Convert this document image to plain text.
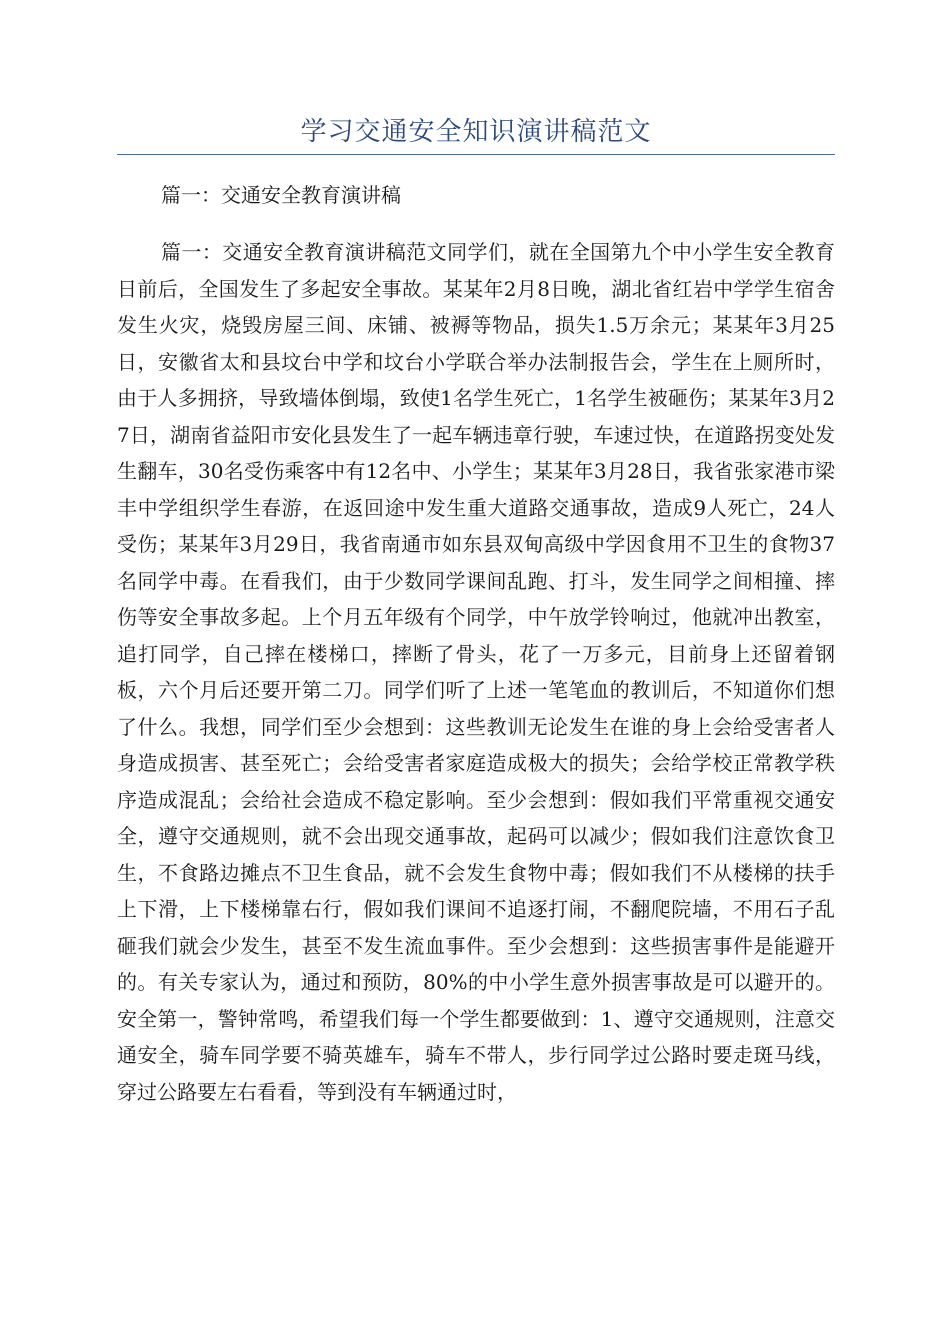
学习交通安全知识演讲稿范文

篇一：交通安全教育演讲稿

篇一：交通安全教育演讲稿范文同学们，就在全国第九个中小学生安全教育日前后，全国发生了多起安全事故。某某年2月8日晚，湖北省红岩中学学生宿舍发生火灾，烧毁房屋三间、床铺、被褥等物品，损失1.5万余元；某某年3月25日，安徽省太和县坟台中学和坟台小学联合举办法制报告会，学生在上厕所时，由于人多拥挤，导致墙体倒塌，致使1名学生死亡，1名学生被砸伤；某某年3月27日，湖南省益阳市安化县发生了一起车辆违章行驶，车速过快，在道路拐变处发生翻车，30名受伤乘客中有12名中、小学生；某某年3月28日，我省张家港市梁丰中学组织学生春游，在返回途中发生重大道路交通事故，造成9人死亡，24人受伤；某某年3月29日，我省南通市如东县双甸高级中学因食用不卫生的食物37名同学中毒。在看我们，由于少数同学课间乱跑、打斗，发生同学之间相撞、摔伤等安全事故多起。上个月五年级有个同学，中午放学铃响过，他就冲出教室，追打同学，自己摔在楼梯口，摔断了骨头，花了一万多元，目前身上还留着钢板，六个月后还要开第二刀。同学们听了上述一笔笔血的教训后，不知道你们想了什么。我想，同学们至少会想到：这些教训无论发生在谁的身上会给受害者人身造成损害、甚至死亡；会给受害者家庭造成极大的损失；会给学校正常教学秩序造成混乱；会给社会造成不稳定影响。至少会想到：假如我们平常重视交通安全，遵守交通规则，就不会出现交通事故，起码可以减少；假如我们注意饮食卫生，不食路边摊点不卫生食品，就不会发生食物中毒；假如我们不从楼梯的扶手上下滑，上下楼梯靠右行，假如我们课间不追逐打闹，不翻爬院墙，不用石子乱砸我们就会少发生，甚至不发生流血事件。至少会想到：这些损害事件是能避开的。有关专家认为，通过和预防，80%的中小学生意外损害事故是可以避开的。安全第一，警钟常鸣，希望我们每一个学生都要做到：1、遵守交通规则，注意交通安全，骑车同学要不骑英雄车，骑车不带人，步行同学过公路时要走斑马线，穿过公路要左右看看，等到没有车辆通过时，
